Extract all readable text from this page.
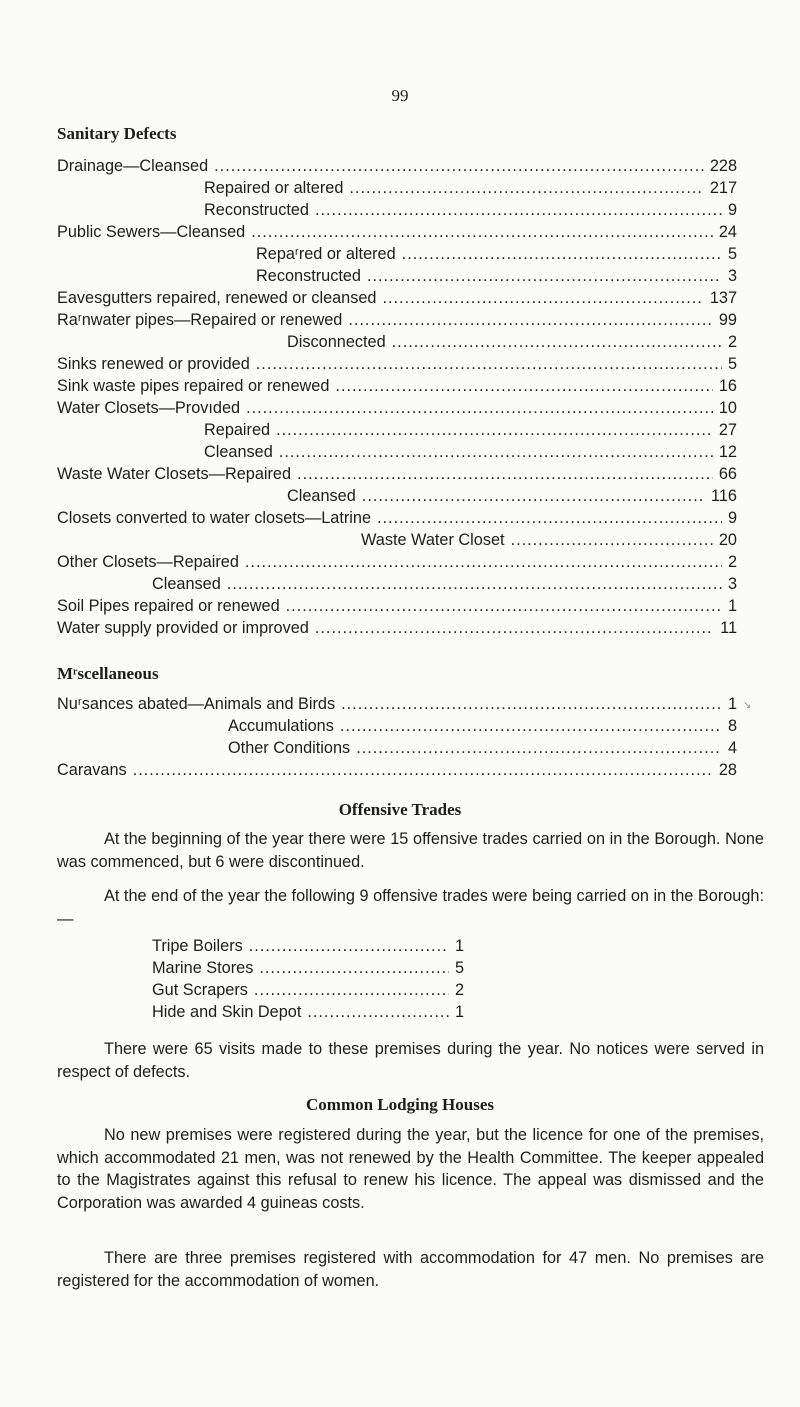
99
Sanitary Defects
Drainage—Cleansed .....	228
Repaired or altered .....	217
Reconstructed .....	9
Public Sewers—Cleansed .....	24
Repaʳred or altered .....	5
Reconstructed .....	3
Eavesgutters repaired, renewed or cleansed .....	137
Raʳnwater pipes—Repaired or renewed .....	99
Disconnected .....	2
Sinks renewed or provided .....	5
Sink waste pipes repaired or renewed .....	16
Water Closets—Provıded .....	10
Repaired .....	27
Cleansed .....	12
Waste Water Closets—Repaired .....	66
Cleansed .....	116
Closets converted to water closets—Latrine .....	9
Waste Water Closet .....	20
Other Closets—Repaired .....	2
Cleansed .....	3
Soil Pipes repaired or renewed .....	1
Water supply provided or improved .....	11
Mʳscellaneous
Nuʳsances abated—Animals and Birds .....	1
Accumulations .....	8
Other Conditions .....	4
Caravans .....	28
Offensive Trades
At the beginning of the year there were 15 offensive trades carried on in the Borough. None was commenced, but 6 were discontinued.
At the end of the year the following 9 offensive trades were being carried on in the Borough:—
Tripe Boilers .....	1
Marine Stores .....	5
Gut Scrapers .....	2
Hide and Skin Depot .....	1
There were 65 visits made to these premises during the year. No notices were served in respect of defects.
Common Lodging Houses
No new premises were registered during the year, but the licence for one of the premises, which accommodated 21 men, was not renewed by the Health Committee. The keeper appealed to the Magistrates against this refusal to renew his licence. The appeal was dismissed and the Corporation was awarded 4 guineas costs.
There are three premises registered with accommodation for 47 men. No premises are registered for the accommodation of women.
↘
